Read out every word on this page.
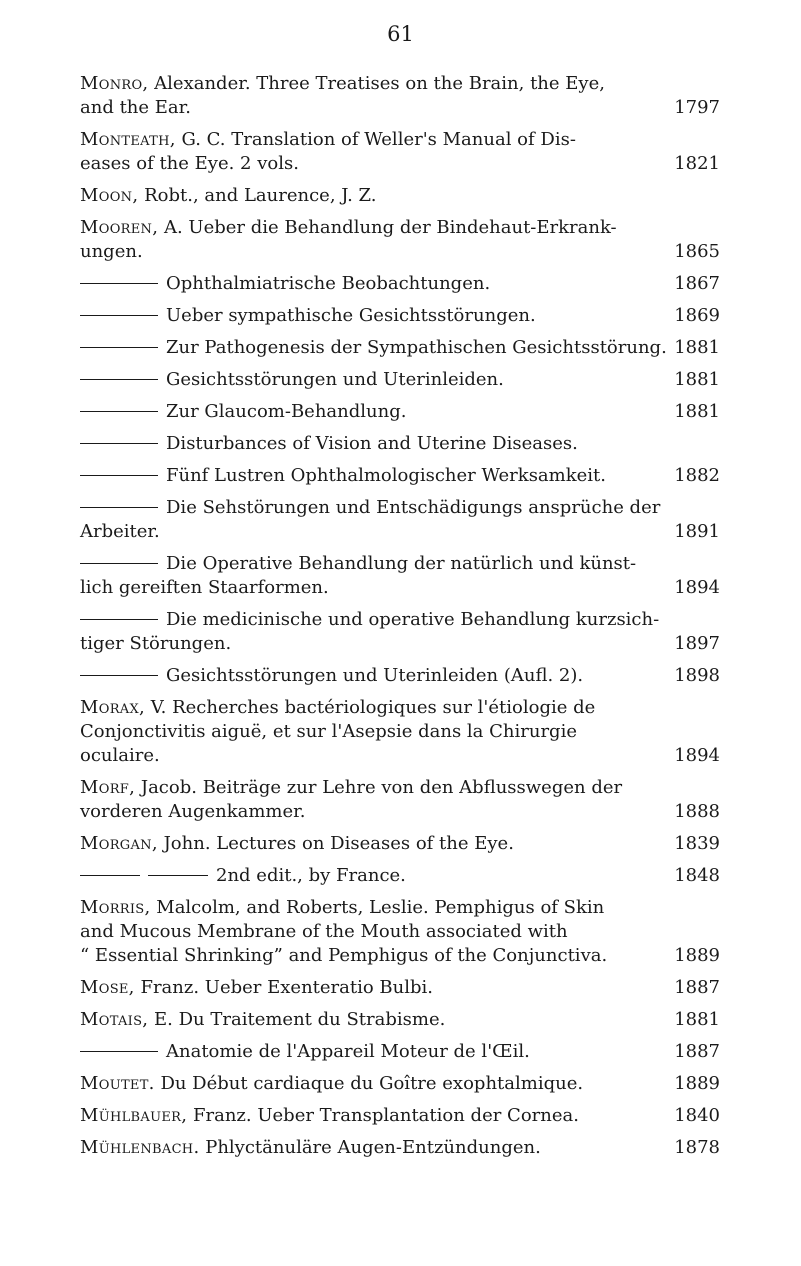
61
Monro, Alexander. Three Treatises on the Brain, the Eye,
1797
and the Ear.
Monteath, G. C. Translation of Weller's Manual of Dis-
1821
eases of the Eye. 2 vols.
Moon, Robt., and Laurence, J. Z.
Mooren, A. Ueber die Behandlung der Bindehaut-Erkrank-
1865
ungen.
1867
Ophthalmiatrische Beobachtungen.
1869
Ueber sympathische Gesichtsstörungen.
1881
Zur Pathogenesis der Sympathischen Gesichtsstörung.
1881
Gesichtsstörungen und Uterinleiden.
1881
Zur Glaucom-Behandlung.
Disturbances of Vision and Uterine Diseases.
1882
Fünf Lustren Ophthalmologischer Werksamkeit.
Die Sehstörungen und Entschädigungs ansprüche der
1891
Arbeiter.
Die Operative Behandlung der natürlich und künst-
1894
lich gereiften Staarformen.
Die medicinische und operative Behandlung kurzsich-
1897
tiger Störungen.
1898
Gesichtsstörungen und Uterinleiden (Aufl. 2).
Morax, V. Recherches bactériologiques sur l'étiologie de
Conjonctivitis aiguë, et sur l'Asepsie dans la Chirurgie
1894
oculaire.
Morf, Jacob. Beiträge zur Lehre von den Abflusswegen der
1888
vorderen Augenkammer.
1839
Morgan, John. Lectures on Diseases of the Eye.
1848
2nd edit., by France.
Morris, Malcolm, and Roberts, Leslie. Pemphigus of Skin
and Mucous Membrane of the Mouth associated with
1889
“ Essential Shrinking” and Pemphigus of the Conjunctiva.
1887
Mose, Franz. Ueber Exenteratio Bulbi.
1881
Motais, E. Du Traitement du Strabisme.
1887
Anatomie de l'Appareil Moteur de l'Œil.
1889
Moutet. Du Début cardiaque du Goître exophtalmique.
1840
Mühlbauer, Franz. Ueber Transplantation der Cornea.
1878
Mühlenbach. Phlyctänuläre Augen-Entzündungen.
